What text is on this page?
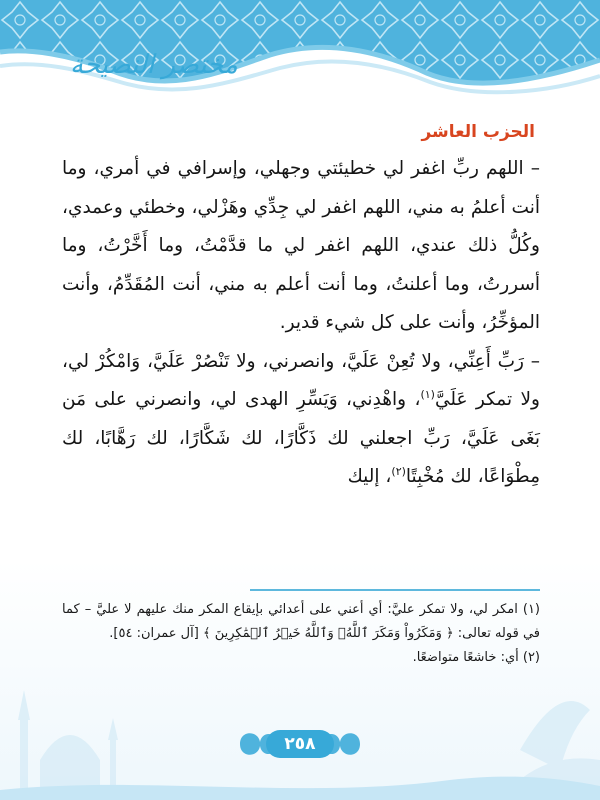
مختصر النصيحة
الحزب العاشر

– اللهم ربِّ اغفر لي خطيئتي وجهلي، وإسرافي في أمري، وما أنت أعلمُ به مني، اللهم اغفر لي جِدِّي وهَزْلي، وخطئي وعمدي، وكُلُّ ذلك عندي، اللهم اغفر لي ما قدَّمْتُ، وما أَخَّرْتُ، وما أسررتُ، وما أعلنتُ، وما أنت أعلم به مني، أنت المُقَدِّمُ، وأنت المؤخِّرُ، وأنت على كل شيء قدير.

– رَبِّ أَعِنِّي، ولا تُعِنْ عَلَيَّ، وانصرني، ولا تَنْصُرْ عَلَيَّ، وَامْكُرْ لي، ولا تمكر عَلَيَّ$^{(١)}$، واهْدِني، وَيَسِّرِ الهدى لي، وانصرني على مَن بَغَى عَلَيَّ، رَبِّ اجعلني لك ذَكَّارًا، لك شَكَّارًا، لك رَهَّابًا، لك مِطْوَاعًا، لك مُخْبِتًا$^{(٢)}$، إليك

(١) امكر لي، ولا تمكر عليَّ: أي أعني على أعدائي بإيقاع المكر منك عليهم لا عليَّ – كما في قوله تعالى: ﴿ وَمَكَرُواْ وَمَكَرَ ٱللَّهُۖ وَٱللَّهُ خَيۡرُ ٱلۡمَٰكِرِينَ ﴾ [آل عمران: ٥٤].

(٢) أي: خاشعًا متواضعًا.

٢٥٨
